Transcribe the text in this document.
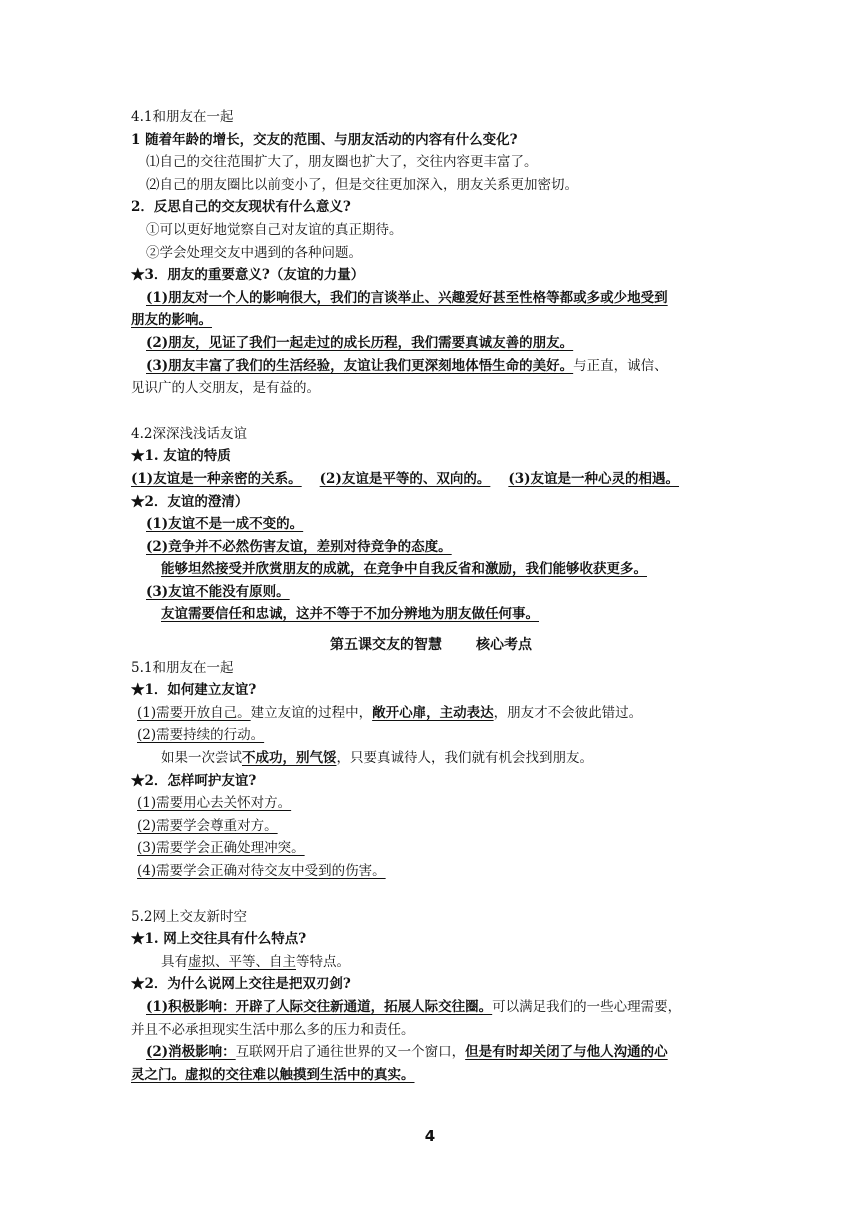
4.1和朋友在一起
1 随着年龄的增长，交友的范围、与朋友活动的内容有什么变化?
⑴自己的交往范围扩大了，朋友圈也扩大了，交往内容更丰富了。
⑵自己的朋友圈比以前变小了，但是交往更加深入，朋友关系更加密切。
2．反思自己的交友现状有什么意义?
①可以更好地觉察自己对友谊的真正期待。
②学会处理交友中遇到的各种问题。
★3．朋友的重要意义?（友谊的力量）
(1)朋友对一个人的影响很大，我们的言谈举止、兴趣爱好甚至性格等都或多或少地受到
朋友的影响。
(2)朋友，见证了我们一起走过的成长历程，我们需要真诚友善的朋友。
(3)朋友丰富了我们的生活经验，友谊让我们更深刻地体悟生命的美好。与正直，诚信、
见识广的人交朋友，是有益的。
4.2深深浅浅话友谊
★1. 友谊的特质
(1)友谊是一种亲密的关系。 (2)友谊是平等的、双向的。 (3)友谊是一种心灵的相遇。
★2．友谊的澄清）
(1)友谊不是一成不变的。
(2)竞争并不必然伤害友谊，差别对待竞争的态度。
能够坦然接受并欣赏朋友的成就，在竞争中自我反省和激励，我们能够收获更多。
(3)友谊不能没有原则。
友谊需要信任和忠诚，这并不等于不加分辨地为朋友做任何事。
第五课交友的智慧 核心考点
5.1和朋友在一起
★1．如何建立友谊?
(1)需要开放自己。建立友谊的过程中，敞开心扉，主动表达，朋友才不会彼此错过。
(2)需要持续的行动。
如果一次尝试不成功，别气馁，只要真诚待人，我们就有机会找到朋友。
★2．怎样呵护友谊?
(1)需要用心去关怀对方。
(2)需要学会尊重对方。
(3)需要学会正确处理冲突。
(4)需要学会正确对待交友中受到的伤害。
5.2网上交友新时空
★1. 网上交往具有什么特点?
具有虚拟、平等、自主等特点。
★2．为什么说网上交往是把双刃剑?
(1)积极影响：开辟了人际交往新通道，拓展人际交往圈。可以满足我们的一些心理需要，
并且不必承担现实生活中那么多的压力和责任。
(2)消极影响：互联网开启了通往世界的又一个窗口，但是有时却关闭了与他人沟通的心
灵之门。虚拟的交往难以触摸到生活中的真实。
4
